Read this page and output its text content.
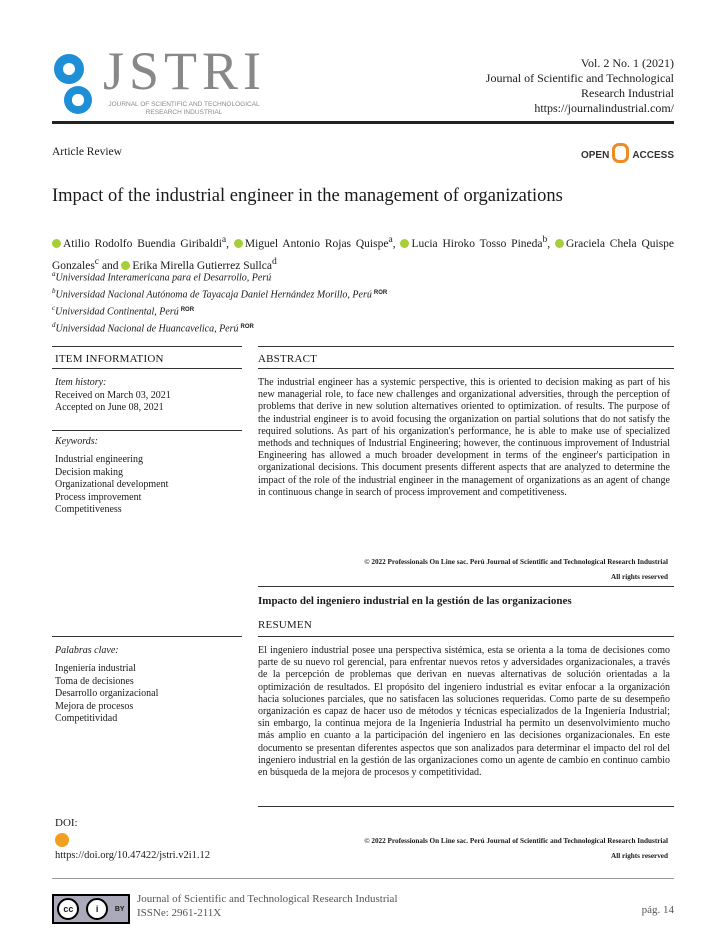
JSTRI
JOURNAL OF SCIENTIFIC AND TECHNOLOGICAL RESEARCH INDUSTRIAL
Vol. 2 No. 1 (2021)
Journal of Scientific and Technological
Research Industrial
https://journalindustrial.com/
Article Review	OPEN ACCESS
Impact of the industrial engineer in the management of organizations
Atilio Rodolfo Buendia Giribaldi$^a$, Miguel Antonio Rojas Quispe$^a$, Lucia Hiroko Tosso Pineda$^b$, Graciela Chela Quispe Gonzales$^c$ and Erika Mirella Gutierrez Sullca$^d$
$^a$Universidad Interamericana para el Desarrollo, Perú
$^b$Universidad Nacional Autónoma de Tayacaja Daniel Hernández Morillo, Perú $^{ROR}$
$^c$Universidad Continental, Perú $^{ROR}$
$^d$Universidad Nacional de Huancavelica, Perú $^{ROR}$
ITEM INFORMATION	ABSTRACT
Item history:
Received on March 03, 2021
Accepted on June 08, 2021
Keywords:
Industrial engineering
Decision making
Organizational development
Process improvement
Competitiveness
The industrial engineer has a systemic perspective, this is oriented to decision making as part of his new managerial role, to face new challenges and organizational adversities, through the perception of problems that derive in new solution alternatives oriented to optimization. of results. The purpose of the industrial engineer is to avoid focusing the organization on partial solutions that do not satisfy the required solutions. As part of his organization's performance, he is able to make use of specialized methods and techniques of Industrial Engineering; however, the continuous improvement of Industrial Engineering has allowed a much broader development in terms of the engineer's participation in organizational decisions. This document presents different aspects that are analyzed to determine the impact of the role of the industrial engineer in the management of organizations as an agent of change in continuous change in search of process improvement and competitiveness.
© 2022 Professionals On Line sac. Perú Journal of Scientific and Technological Research Industrial
All rights reserved
Impacto del ingeniero industrial en la gestión de las organizaciones
RESUMEN
Palabras clave:
Ingeniería industrial
Toma de decisiones
Desarrollo organizacional
Mejora de procesos
Competitividad
El ingeniero industrial posee una perspectiva sistémica, esta se orienta a la toma de decisiones como parte de su nuevo rol gerencial, para enfrentar nuevos retos y adversidades organizacionales, a través de la percepción de problemas que derivan en nuevas alternativas de solución orientadas a la optimización de resultados. El propósito del ingeniero industrial es evitar enfocar a la organización hacia soluciones parciales, que no satisfacen las soluciones requeridas. Como parte de su desempeño organización es capaz de hacer uso de métodos y técnicas especializados de la Ingeniería Industrial; sin embargo, la continua mejora de la Ingeniería Industrial ha permito un desenvolvimiento mucho más amplio en cuanto a la participación del ingeniero en las decisiones organizacionales. En este documento se presentan diferentes aspectos que son analizados para determinar el impacto del rol del ingeniero industrial en la gestión de las organizaciones como un agente de cambio en continuo cambio en búsqueda de la mejora de procesos y competitividad.
DOI:
https://doi.org/10.47422/jstri.v2i1.12
© 2022 Professionals On Line sac. Perú Journal of Scientific and Technological Research Industrial
All rights reserved
cc	i	BY
Journal of Scientific and Technological Research Industrial
ISSNe: 2961-211X	pág. 14
